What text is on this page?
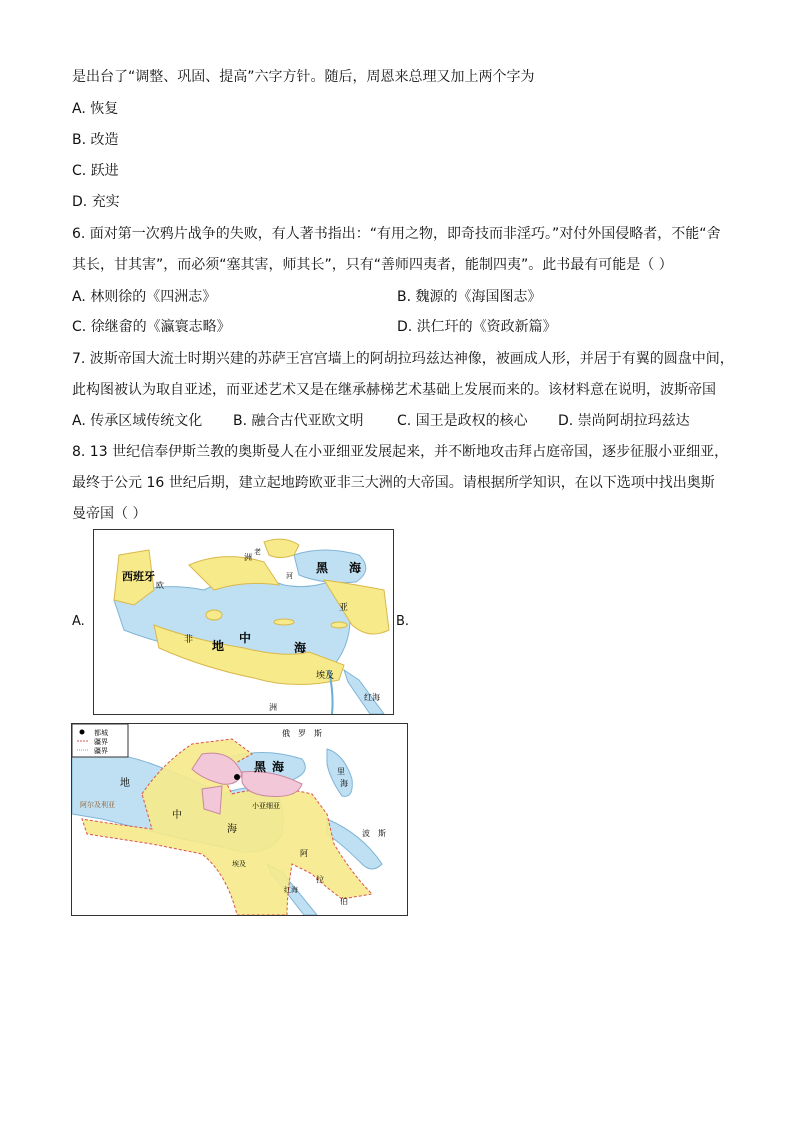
是出台了“调整、巩固、提高”六字方针。随后，周恩来总理又加上两个字为
A. 恢复
B. 改造
C. 跃进
D. 充实
6. 面对第一次鸦片战争的失败，有人著书指出：“有用之物，即奇技而非淫巧。”对付外国侵略者，不能“舍
其长，甘其害”，而必须“塞其害，师其长”，只有“善师四夷者，能制四夷”。此书最有可能是（ ）
A. 林则徐的《四洲志》	B. 魏源的《海国图志》
C. 徐继畲的《瀛寰志略》	D. 洪仁玕的《资政新篇》
7. 波斯帝国大流士时期兴建的苏萨王宫宫墙上的阿胡拉玛兹达神像，被画成人形，并居于有翼的圆盘中间，
此构图被认为取自亚述，而亚述艺术又是在继承赫梯艺术基础上发展而来的。该材料意在说明，波斯帝国
A. 传承区域传统文化 B. 融合古代亚欧文明 C. 国王是政权的核心 D. 崇尚阿胡拉玛兹达
8. 13 世纪信奉伊斯兰教的奥斯曼人在小亚细亚发展起来，并不断地攻击拜占庭帝国，逐步征服小亚细亚，
最终于公元 16 世纪后期，建立起地跨欧亚非三大洲的大帝国。请根据所学知识，在以下选项中找出奥斯
曼帝国（ ）
A.	B.
西班牙
欧
洲
黑 海
亚
地
中
海
非
埃及
红海
洲
河
老
都城
疆界
疆界
俄 罗 斯
黑 海	里
海
地
中
海
阿尔及利亚	小亚细亚
波 斯
阿
拉
伯
埃及
红海
